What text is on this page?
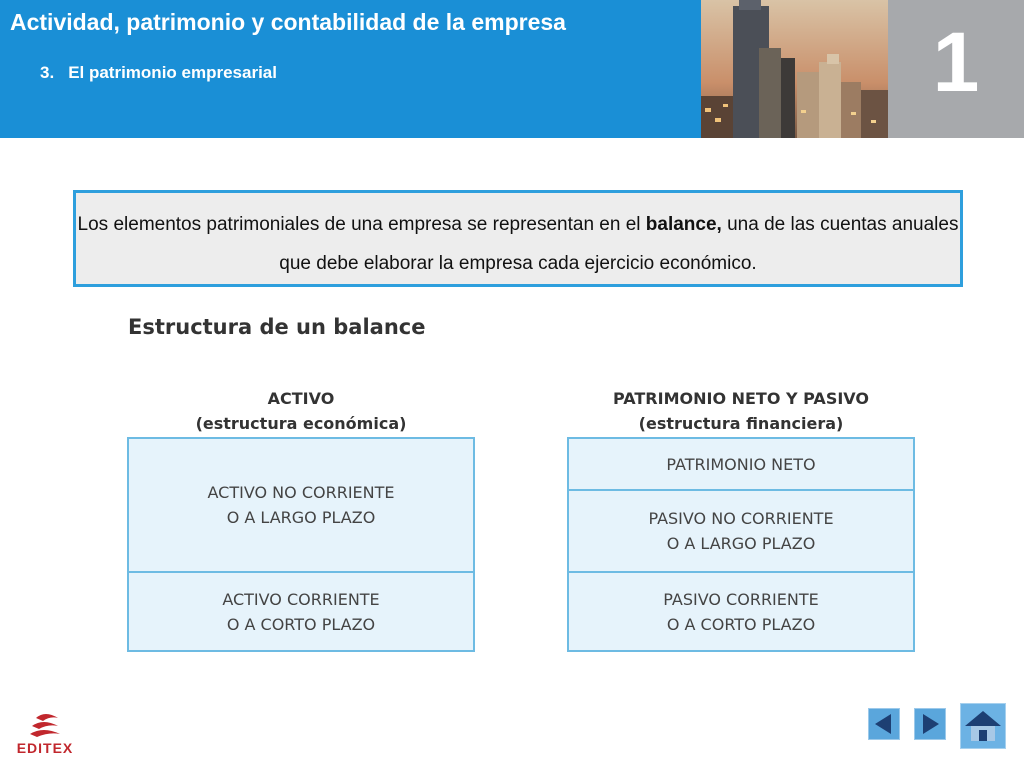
Actividad, patrimonio y contabilidad de la empresa
3. El patrimonio empresarial	1
Los elementos patrimoniales de una empresa se representan en el balance, una de las cuentas anuales que debe elaborar la empresa cada ejercicio económico.
Estructura de un balance
ACTIVO
(estructura económica)
PATRIMONIO NETO Y PASIVO
(estructura financiera)
ACTIVO NO CORRIENTE
O A LARGO PLAZO
ACTIVO CORRIENTE
O A CORTO PLAZO
PATRIMONIO NETO
PASIVO NO CORRIENTE
O A LARGO PLAZO
PASIVO CORRIENTE
O A CORTO PLAZO
EDITEX
